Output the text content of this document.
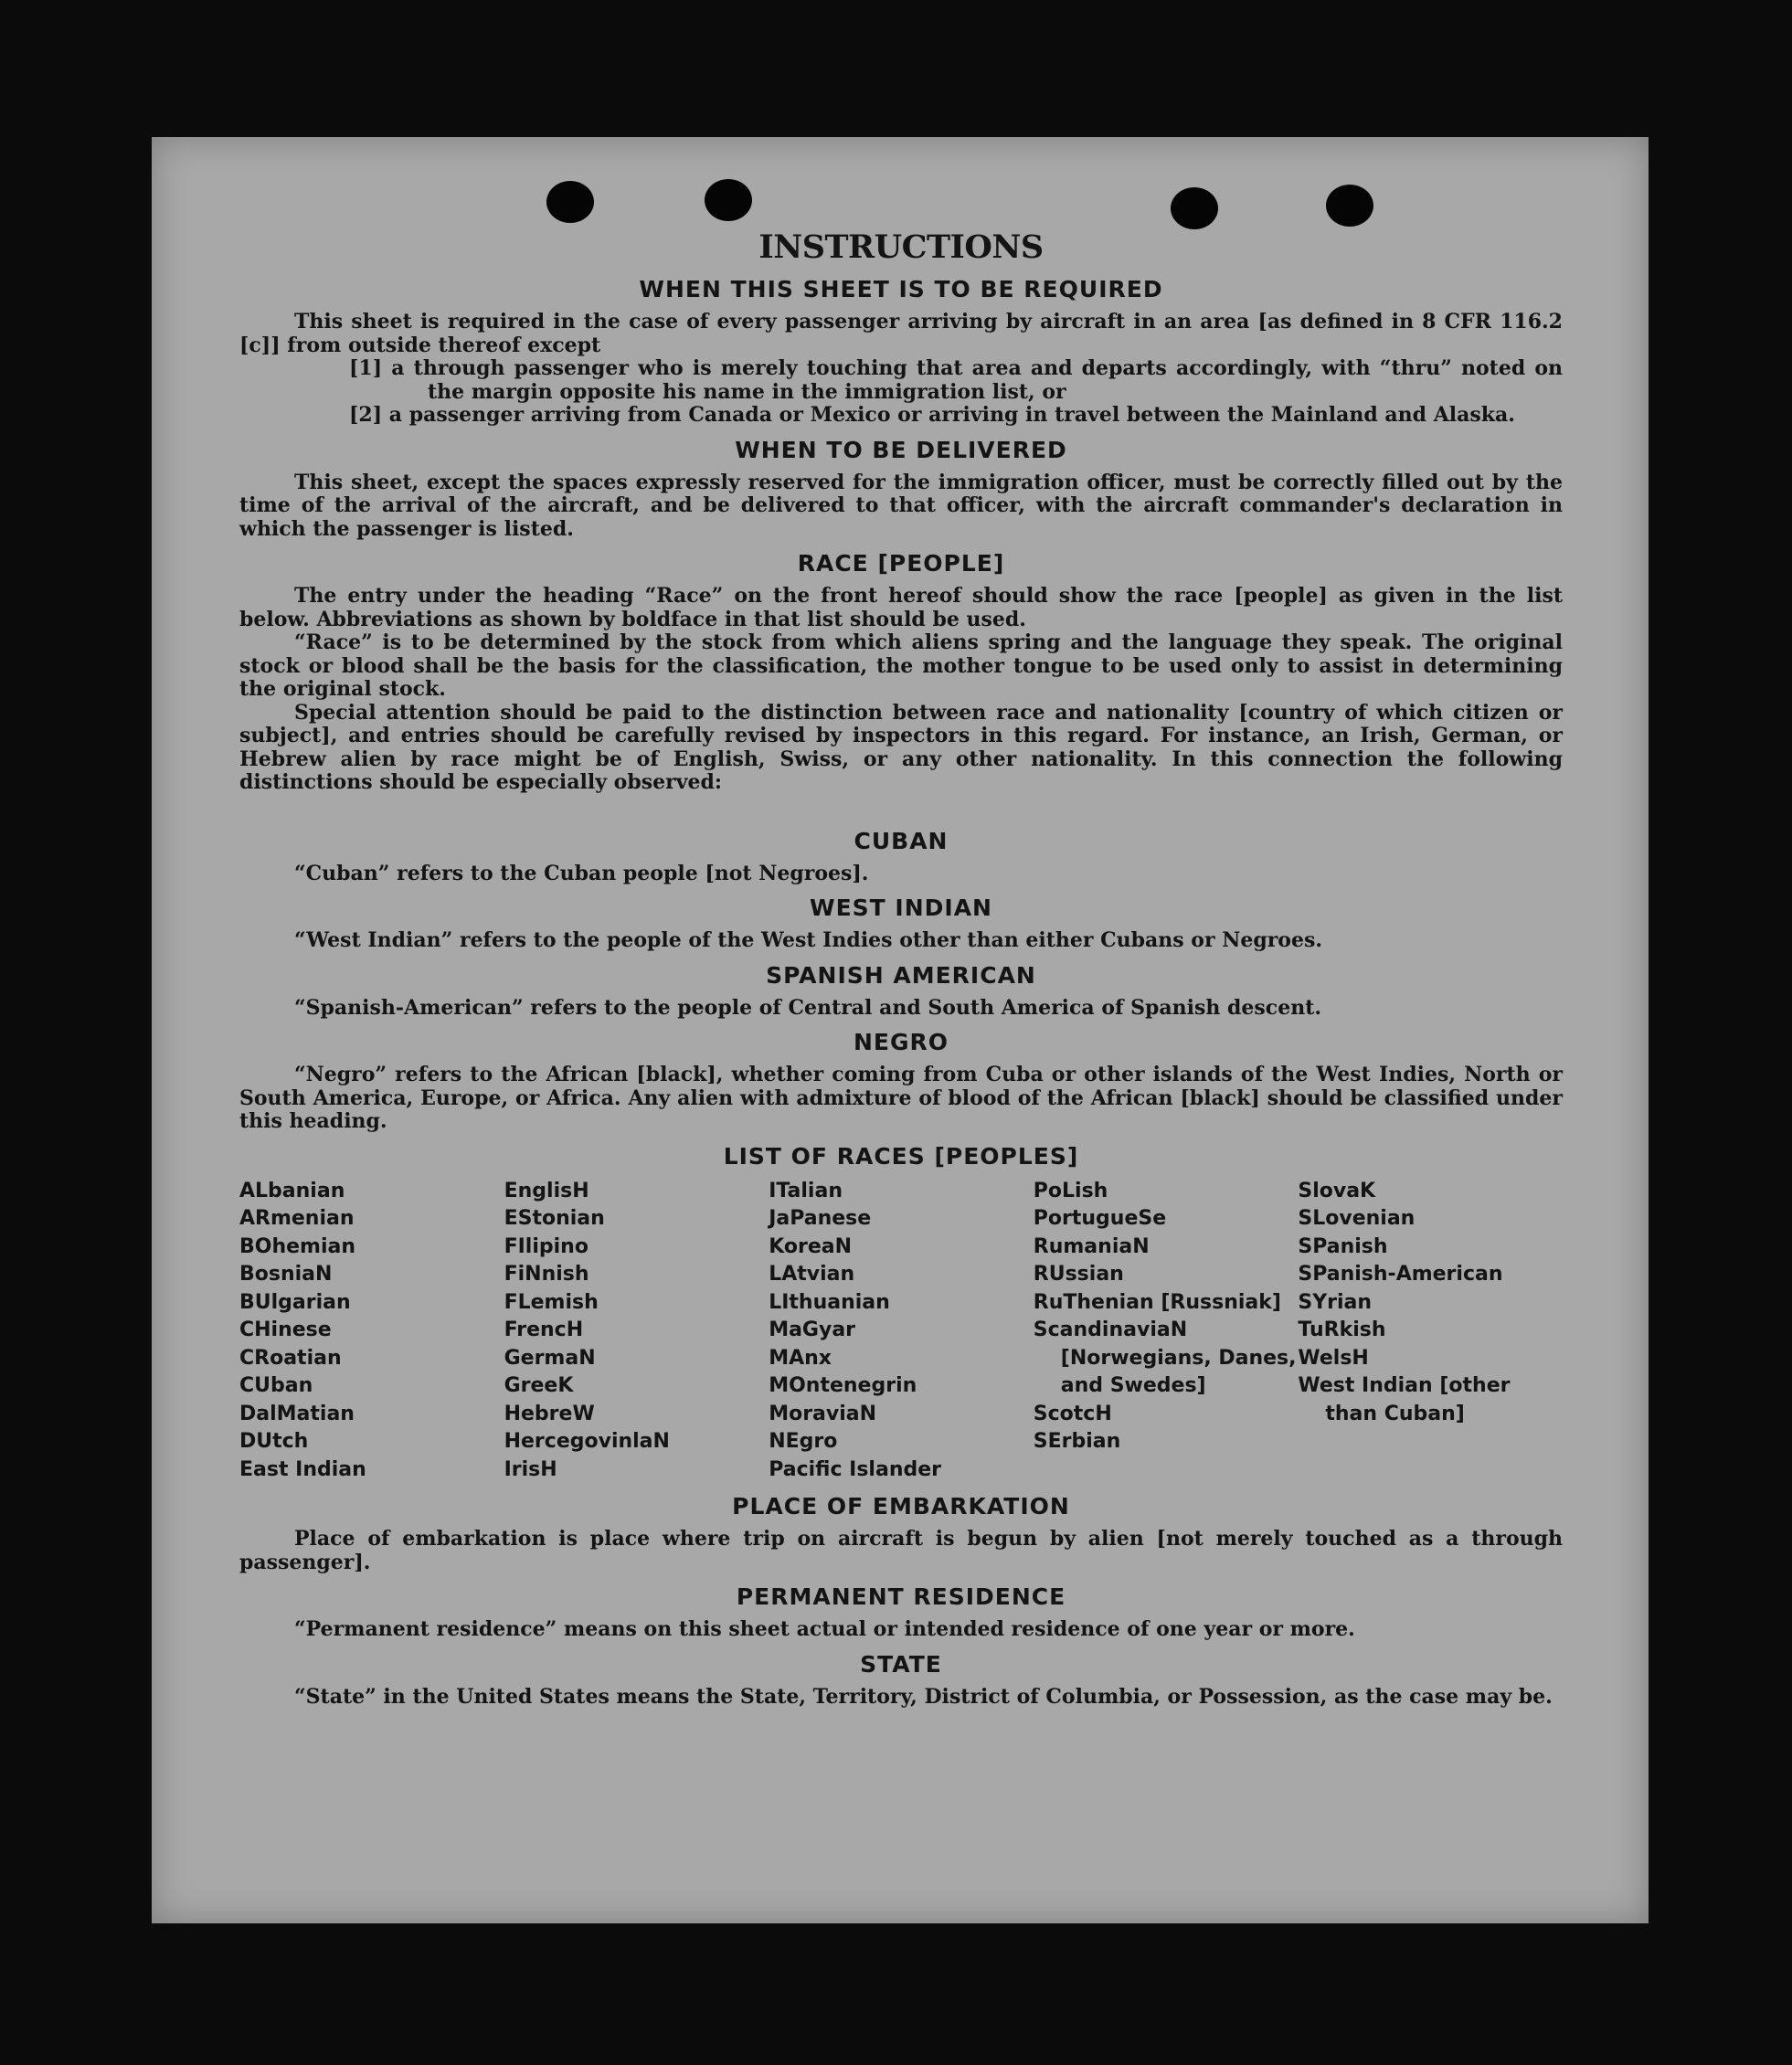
INSTRUCTIONS
WHEN THIS SHEET IS TO BE REQUIRED

This sheet is required in the case of every passenger arriving by aircraft in an area [as defined in 8 CFR 116.2 [c]] from outside thereof except

[1] a through passenger who is merely touching that area and departs accordingly, with “thru” noted on the margin opposite his name in the immigration list, or
[2] a passenger arriving from Canada or Mexico or arriving in travel between the Mainland and Alaska.
WHEN TO BE DELIVERED

This sheet, except the spaces expressly reserved for the immigration officer, must be correctly filled out by the time of the arrival of the aircraft, and be delivered to that officer, with the aircraft commander's declaration in which the passenger is listed.

RACE [PEOPLE]

The entry under the heading “Race” on the front hereof should show the race [people] as given in the list below. Abbreviations as shown by boldface in that list should be used.

“Race” is to be determined by the stock from which aliens spring and the language they speak. The original stock or blood shall be the basis for the classification, the mother tongue to be used only to assist in determining the original stock.

Special attention should be paid to the distinction between race and nationality [country of which citizen or subject], and entries should be carefully revised by inspectors in this regard. For instance, an Irish, German, or Hebrew alien by race might be of English, Swiss, or any other nationality. In this connection the following distinctions should be especially observed:

CUBAN

“Cuban” refers to the Cuban people [not Negroes].

WEST INDIAN

“West Indian” refers to the people of the West Indies other than either Cubans or Negroes.

SPANISH AMERICAN

“Spanish-American” refers to the people of Central and South America of Spanish descent.

NEGRO

“Negro” refers to the African [black], whether coming from Cuba or other islands of the West Indies, North or South America, Europe, or Africa. Any alien with admixture of blood of the African [black] should be classified under this heading.

LIST OF RACES [PEOPLES]
ALbanian
ARmenian
BOhemian
BosniaN
BUlgarian
CHinese
CRoatian
CUban
DalMatian
DUtch
East Indian
EnglisH
EStonian
FIlipino
FiNnish
FLemish
FrencH
GermaN
GreeK
HebreW
HercegovinlaN
IrisH
ITalian
JaPanese
KoreaN
LAtvian
LIthuanian
MaGyar
MAnx
MOntenegrin
MoraviaN
NEgro
Pacific Islander
PoLish
PortugueSe
RumaniaN
RUssian
RuThenian [Russniak]
ScandinaviaN [Norwegians, Danes, and Swedes]
ScotcH
SErbian
SlovaK
SLovenian
SPanish
SPanish-American
SYrian
TuRkish
WelsH
West Indian [other than Cuban]
PLACE OF EMBARKATION

Place of embarkation is place where trip on aircraft is begun by alien [not merely touched as a through passenger].

PERMANENT RESIDENCE

“Permanent residence” means on this sheet actual or intended residence of one year or more.

STATE

“State” in the United States means the State, Territory, District of Columbia, or Possession, as the case may be.
